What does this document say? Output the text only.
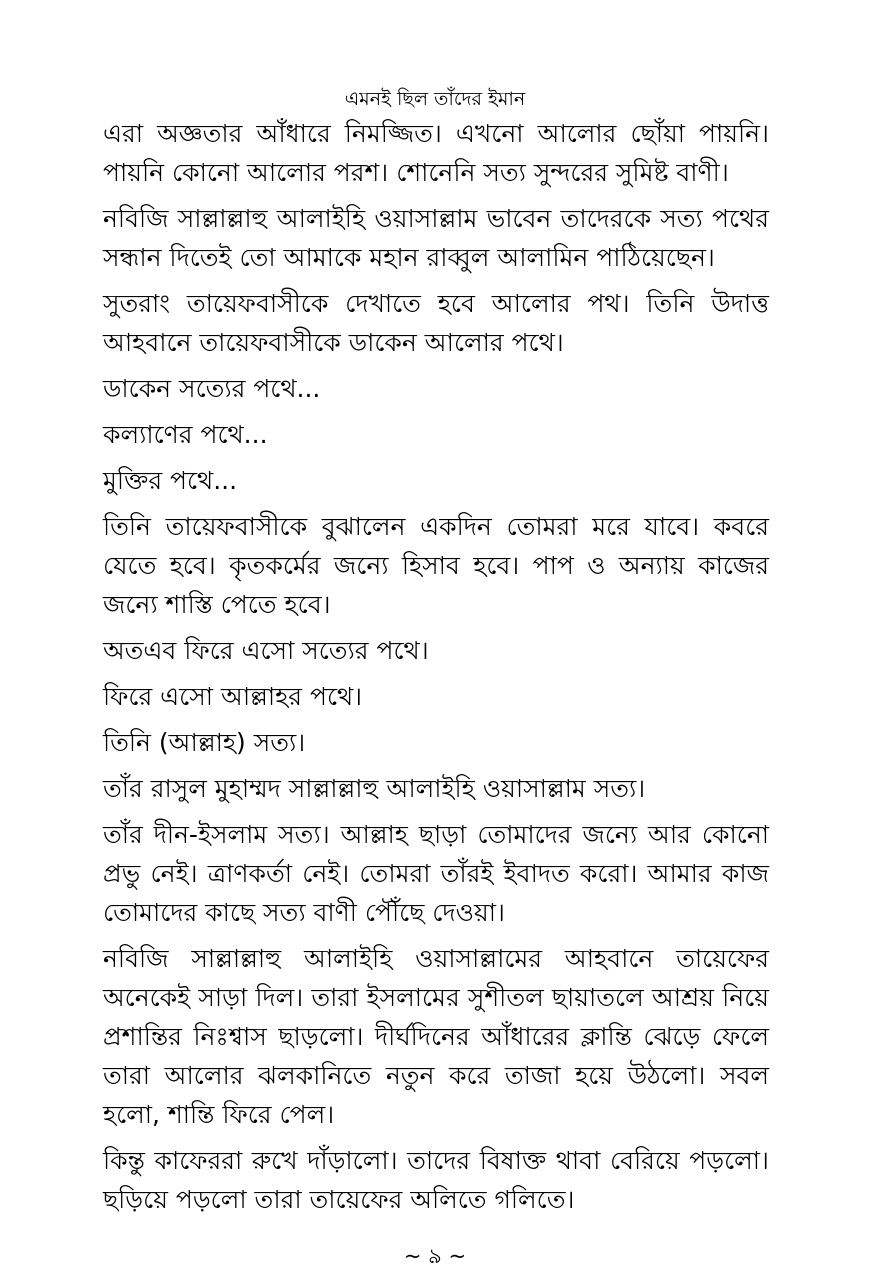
এমনই ছিল তাঁদের ইমান

এরা অজ্ঞতার আঁধারে নিমজ্জিত। এখনো আলোর ছোঁয়া পায়নি। পায়নি কোনো আলোর পরশ। শোনেনি সত্য সুন্দরের সুমিষ্ট বাণী।

নবিজি সাল্লাল্লাহু আলাইহি ওয়াসাল্লাম ভাবেন তাদেরকে সত্য পথের সন্ধান দিতেই তো আমাকে মহান রাব্বুল আলামিন পাঠিয়েছেন।

সুতরাং তায়েফবাসীকে দেখাতে হবে আলোর পথ। তিনি উদাত্ত আহবানে তায়েফবাসীকে ডাকেন আলোর পথে।

ডাকেন সত্যের পথে...

কল্যাণের পথে...

মুক্তির পথে...

তিনি তায়েফবাসীকে বুঝালেন একদিন তোমরা মরে যাবে। কবরে যেতে হবে। কৃতকর্মের জন্যে হিসাব হবে। পাপ ও অন্যায় কাজের জন্যে শাস্তি পেতে হবে।

অতএব ফিরে এসো সত্যের পথে।

ফিরে এসো আল্লাহর পথে।

তিনি (আল্লাহ) সত্য।

তাঁর রাসুল মুহাম্মদ সাল্লাল্লাহু আলাইহি ওয়াসাল্লাম সত্য।

তাঁর দীন-ইসলাম সত্য। আল্লাহ ছাড়া তোমাদের জন্যে আর কোনো প্রভু নেই। ত্রাণকর্তা নেই। তোমরা তাঁরই ইবাদত করো। আমার কাজ তোমাদের কাছে সত্য বাণী পৌঁছে দেওয়া।

নবিজি সাল্লাল্লাহু আলাইহি ওয়াসাল্লামের আহবানে তায়েফের অনেকেই সাড়া দিল। তারা ইসলামের সুশীতল ছায়াতলে আশ্রয় নিয়ে প্রশান্তির নিঃশ্বাস ছাড়লো। দীর্ঘদিনের আঁধারের ক্লান্তি ঝেড়ে ফেলে তারা আলোর ঝলকানিতে নতুন করে তাজা হয়ে উঠলো। সবল হলো, শান্তি ফিরে পেল।

কিন্তু কাফেররা রুখে দাঁড়ালো। তাদের বিষাক্ত থাবা বেরিয়ে পড়লো। ছড়িয়ে পড়লো তারা তায়েফের অলিতে গলিতে।

~ ৯ ~
